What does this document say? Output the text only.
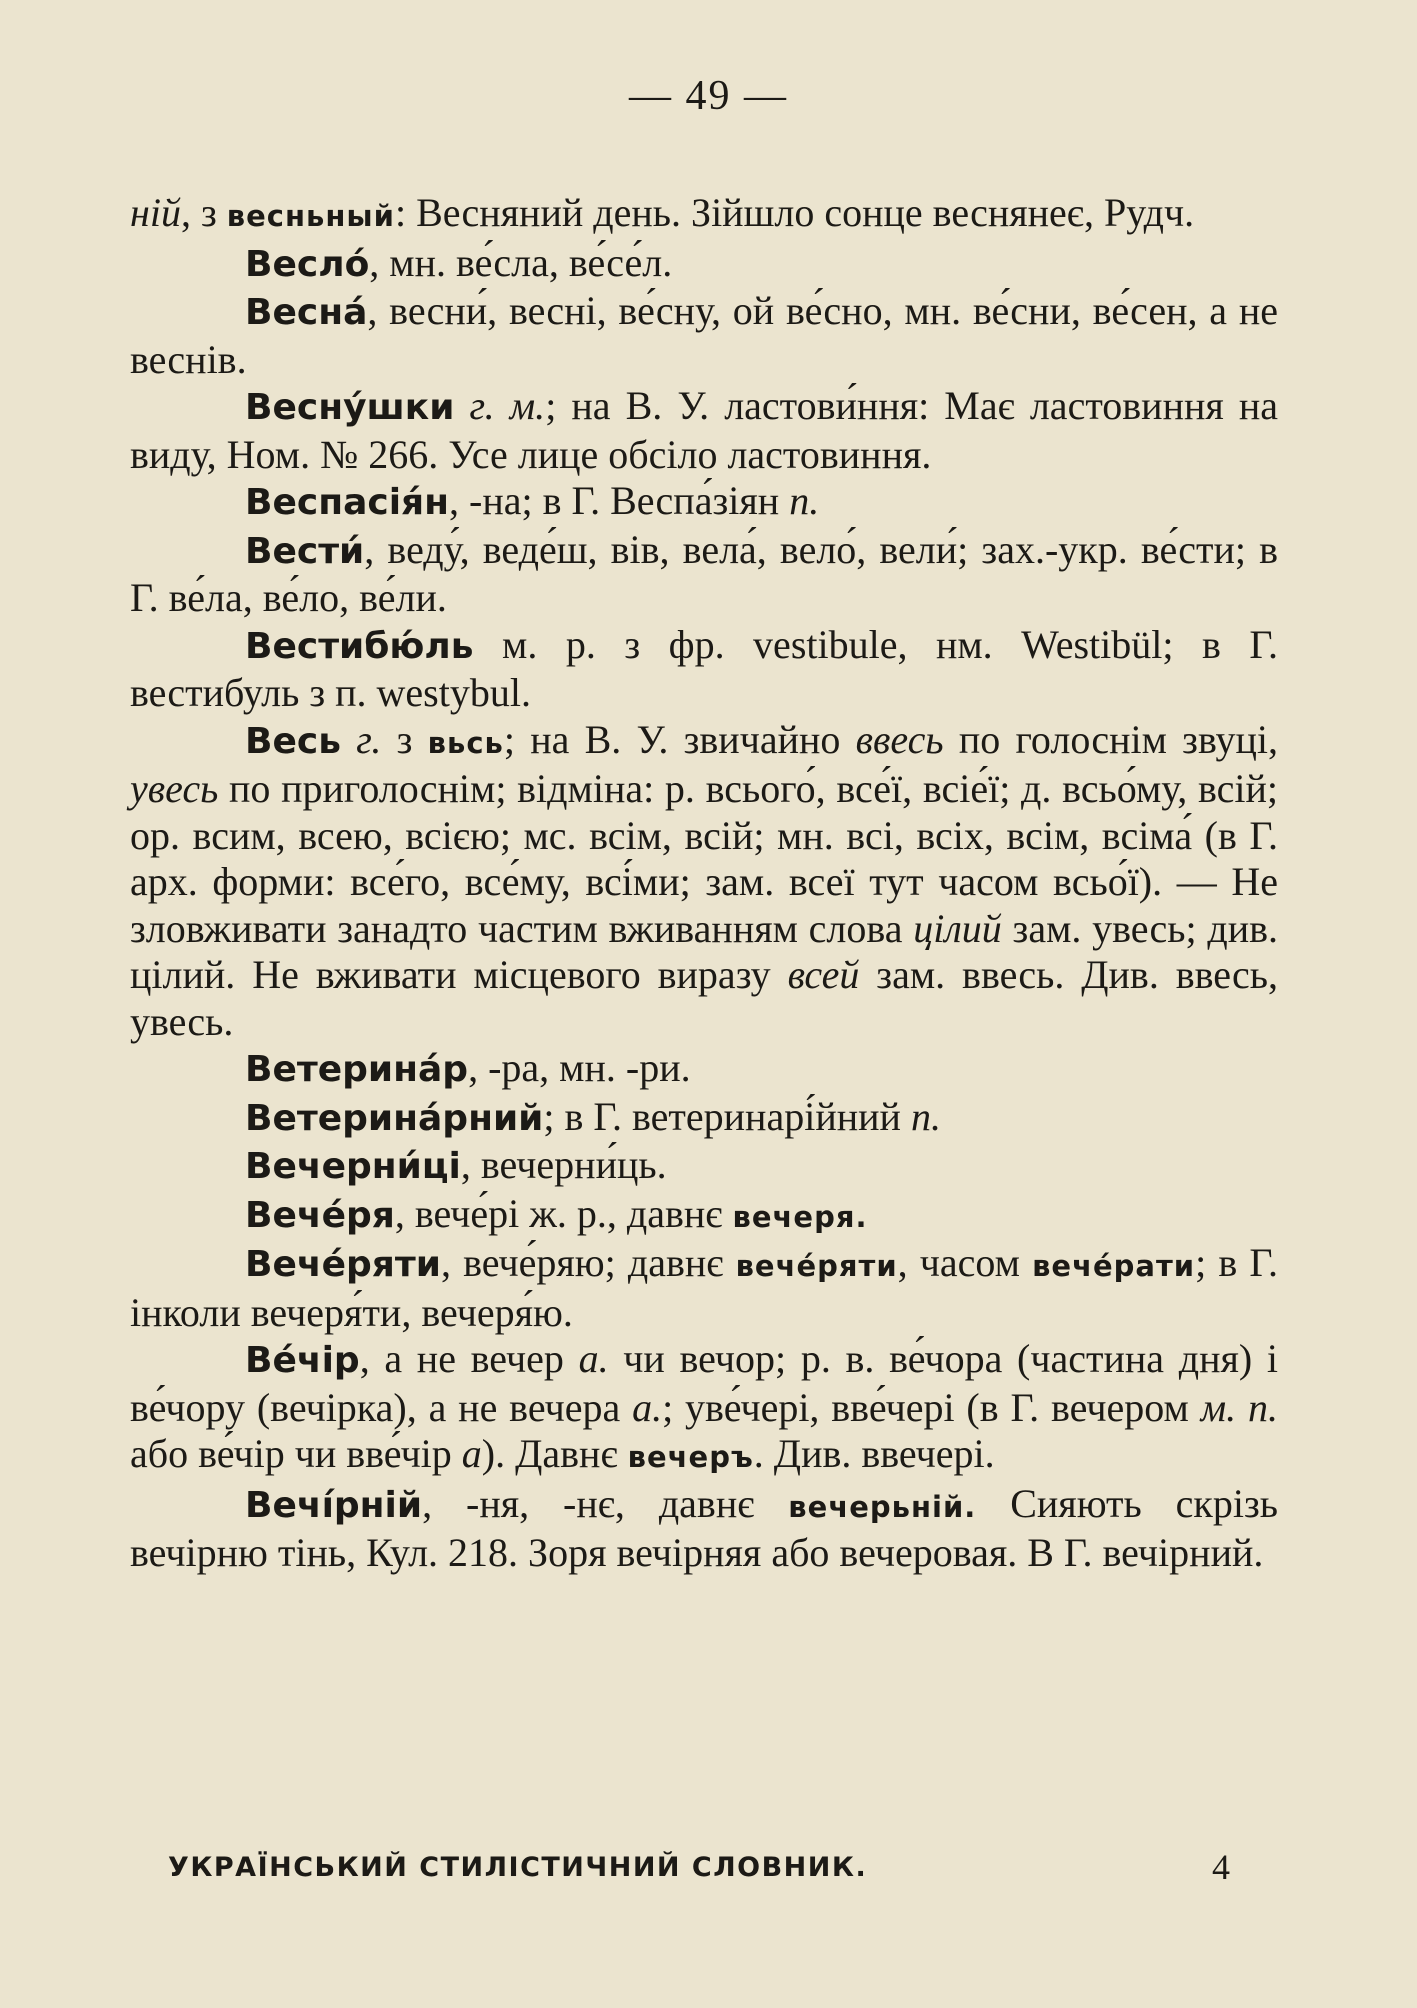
— 49 —

ній, з весньный: Весняний день. Зійшло сонце веснянеє, Рудч.

Весло́, мн. ве́сла, ве́се́л.

Весна́, весни́, весні, ве́сну, ой ве́сно, мн. ве́сни, ве́сен, а не веснів.

Весну́шки г. м.; на В. У. ластови́ння: Має ластовиння на виду, Ном. № 266. Усе лице обсіло ластовиння.

Веспасія́н, -на; в Г. Веспа́зіян п.

Вести́, веду́, веде́ш, вів, вела́, вело́, вели́; зах.-укр. ве́сти; в Г. ве́ла, ве́ло, ве́ли.

Вестибю́ль м. р. з фр. vestibule, нм. Westibül; в Г. вестибуль з п. westybul.

Весь г. з вьсь; на В. У. звичайно ввесь по голоснім звуці, увесь по приголоснім; відміна: р. всього́, все́ї, всіе́ї; д. всьо́му, всій; ор. всим, всею, всією; мс. всім, всій; мн. всі, всіх, всім, всіма́ (в Г. арх. форми: все́го, все́му, всі́ми; зам. всеї тут часом всьо́ї). — Не зловживати занадто частим вживанням слова цілий зам. увесь; див. цілий. Не вживати місцевого виразу всей зам. ввесь. Див. ввесь, увесь.

Ветерина́р, -ра, мн. -ри.

Ветерина́рний; в Г. ветеринарі́йний п.

Вечерни́ці, вечерни́ць.

Вече́ря, вече́рі ж. р., давнє вечеря.

Вече́ряти, вече́ряю; давнє вече́ряти, часом вече́рати; в Г. інколи вечеря́ти, вечеря́ю.

Ве́чір, а не вечер а. чи вечор; р. в. ве́чора (частина дня) і ве́чору (вечірка), а не вечера а.; уве́чері, вве́чері (в Г. вечером м. п. або ве́чір чи вве́чір а). Давнє вечеръ. Див. ввечері.

Вечі́рній, -ня, -нє, давнє вечерьній. Сияють скрізь вечірню тінь, Кул. 218. Зоря вечірняя або вечеровая. В Г. вечірний.

УКРАЇНСЬКИЙ СТИЛІСТИЧНИЙ СЛОВНИК.	4
